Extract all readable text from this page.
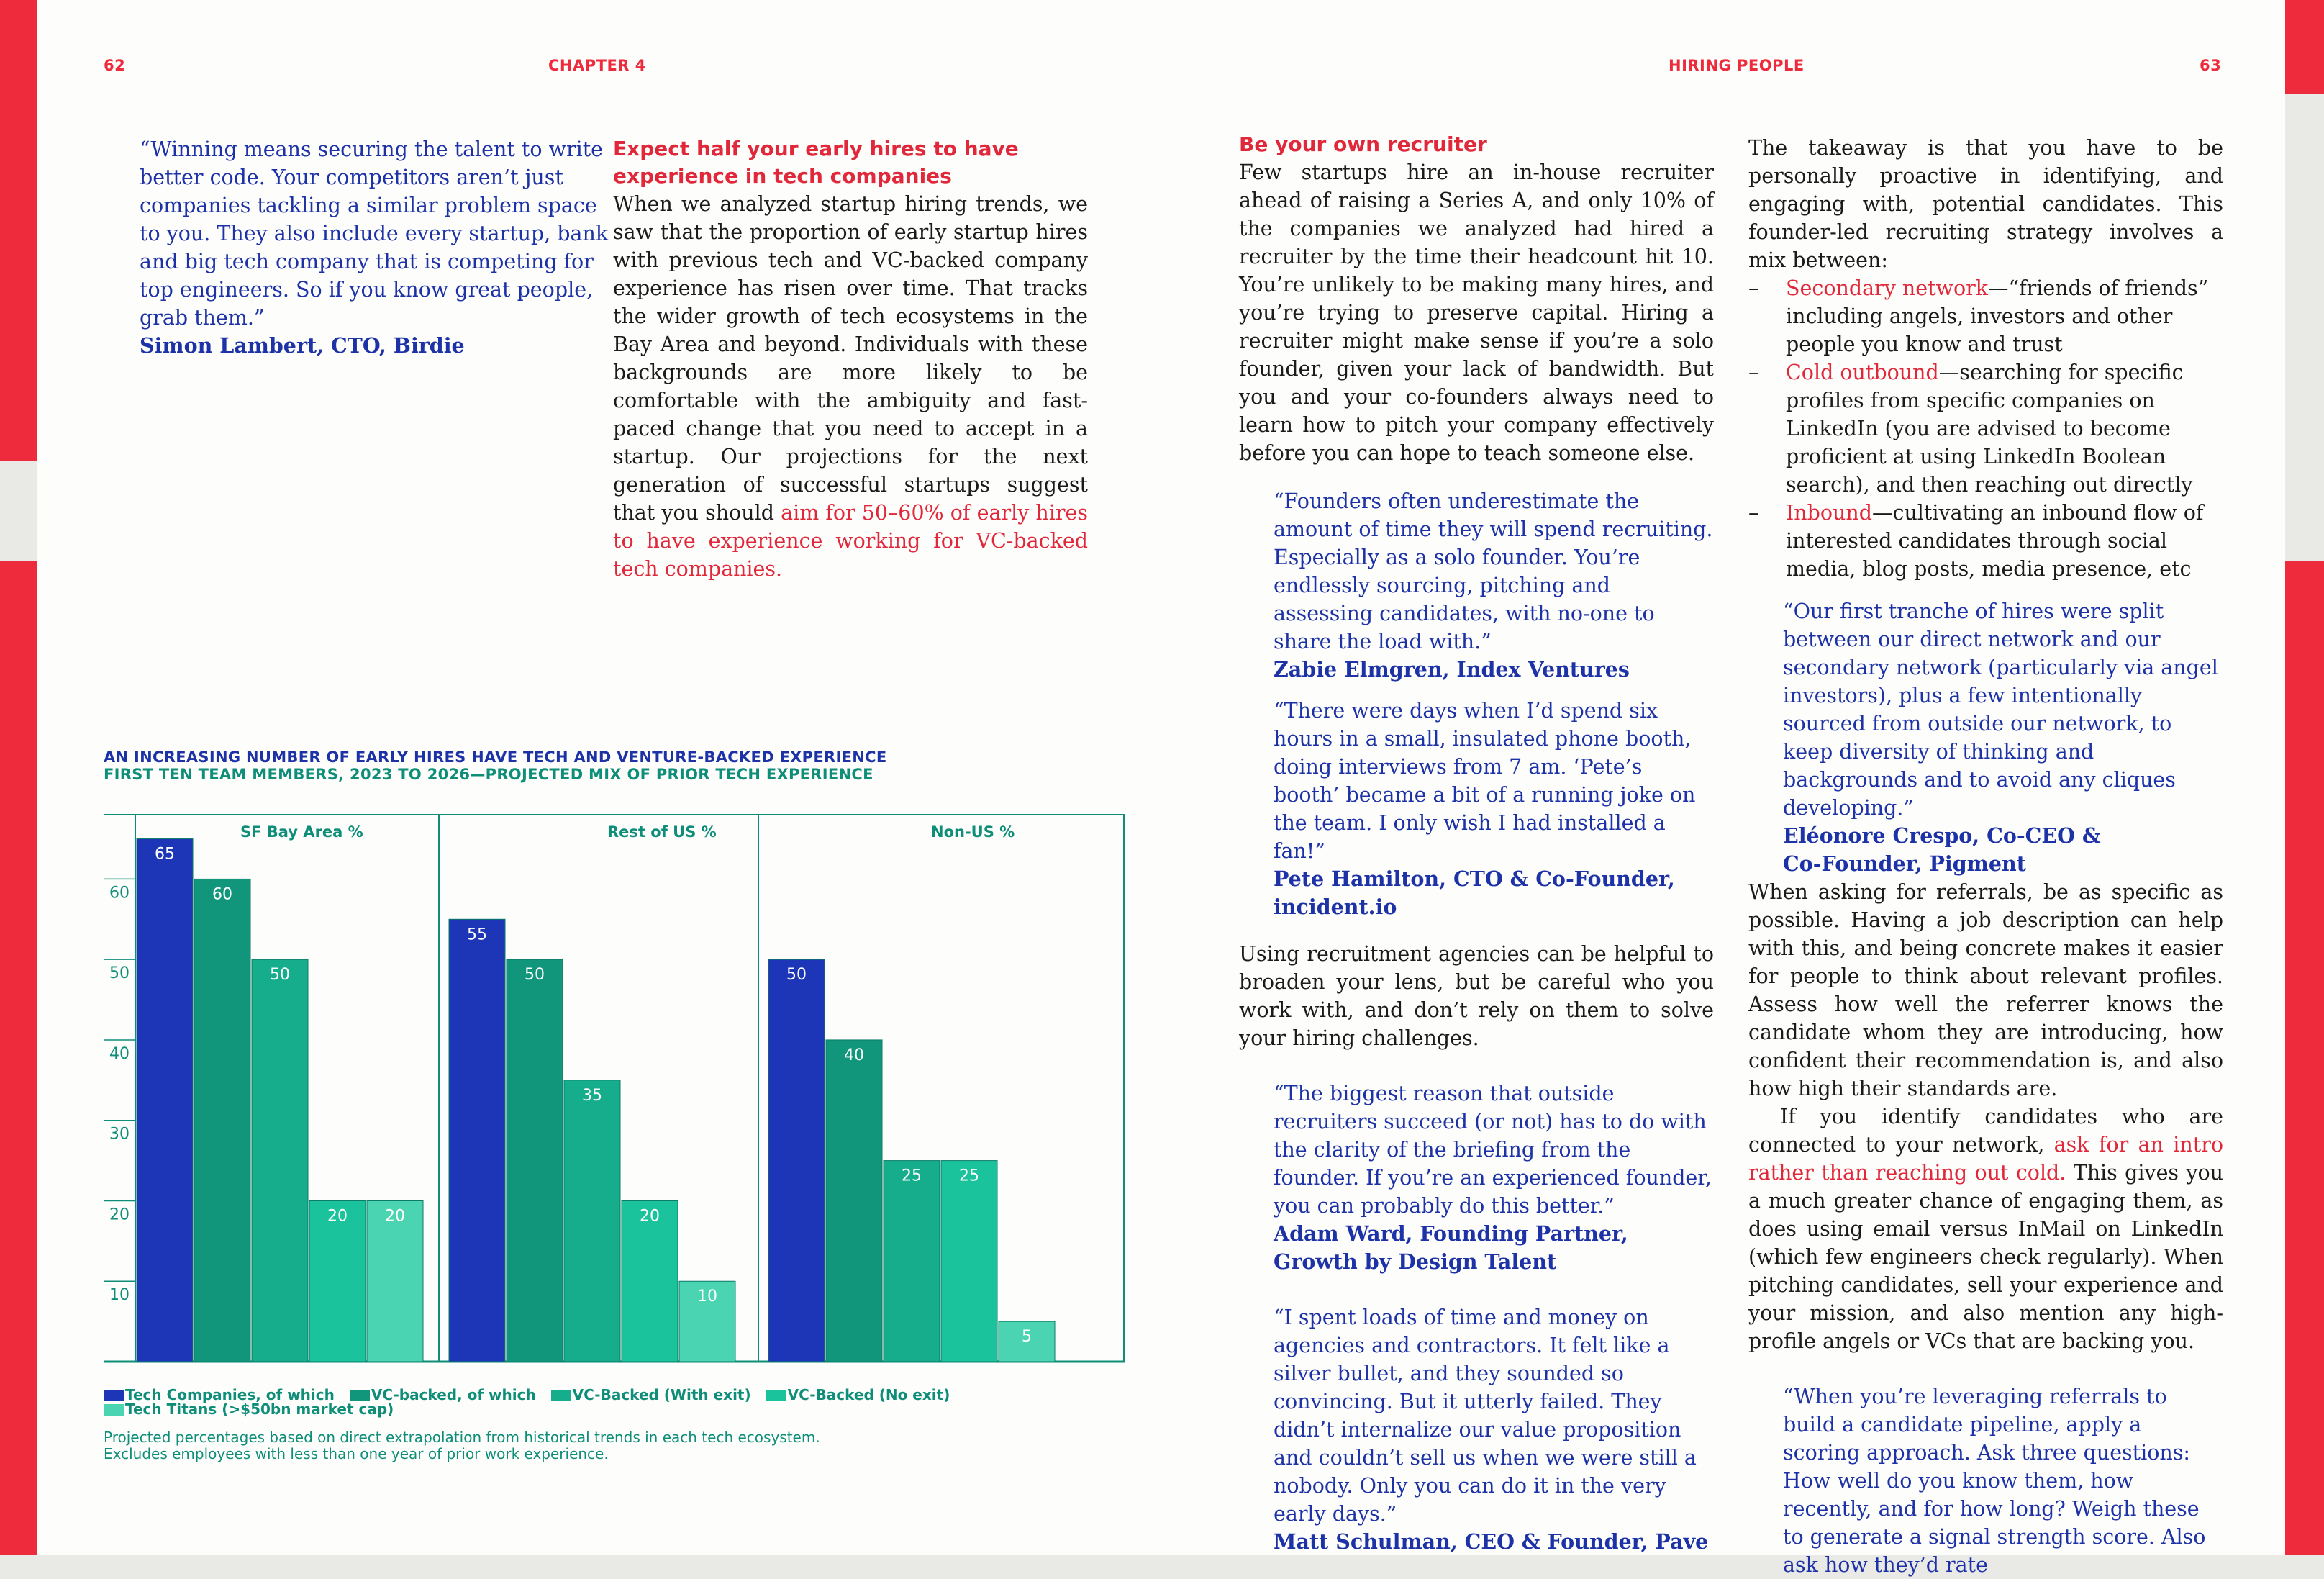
62	CHAPTER 4

“Winning means securing the talent to write better code. Your competitors aren’t just companies tackling a similar problem space to you. They also include every startup, bank and big tech company that is competing for top engineers. So if you know great people, grab them.”

Simon Lambert, CTO, Birdie

Expect half your early hires to have
experience in tech companies

When we analyzed startup hiring trends, we saw that the proportion of early startup hires with previous tech and VC-backed company experience has risen over time. That tracks the wider growth of tech ecosystems in the Bay Area and beyond. Individuals with these backgrounds are more likely to be comfortable with the ambiguity and fast-paced change that you need to accept in a startup. Our projections for the next generation of successful startups suggest that you should aim for 50–60% of early hires to have experience working for VC-backed tech companies.

AN INCREASING NUMBER OF EARLY HIRES HAVE TECH AND VENTURE-BACKED EXPERIENCE
FIRST TEN TEAM MEMBERS, 2023 TO 2026—PROJECTED MIX OF PRIOR TECH EXPERIENCE
10
20
30
40
50
60
SF Bay Area %	Rest of US %	Non-US %
65
60
50
20 20
55
50
35
20
10
50
40
25 25
5
Tech Companies, of which	VC-backed, of which	VC-Backed (With exit)	VC-Backed (No exit)
Tech Titans (>$50bn market cap)
Projected percentages based on direct extrapolation from historical trends in each tech ecosystem.
Excludes employees with less than one year of prior work experience.
HIRING PEOPLE	63

Be your own recruiter

Few startups hire an in-house recruiter ahead of raising a Series A, and only 10% of the companies we analyzed had hired a recruiter by the time their headcount hit 10. You’re unlikely to be making many hires, and you’re trying to preserve capital. Hiring a recruiter might make sense if you’re a solo founder, given your lack of bandwidth. But you and your co-founders always need to learn how to pitch your company effectively before you can hope to teach someone else.

“Founders often underestimate the amount of time they will spend recruiting. Especially as a solo founder. You’re endlessly sourcing, pitching and assessing candidates, with no-one to share the load with.”

Zabie Elmgren, Index Ventures

“There were days when I’d spend six hours in a small, insulated phone booth, doing interviews from 7 am. ‘Pete’s booth’ became a bit of a running joke on the team. I only wish I had installed a fan!”

Pete Hamilton, CTO & Co-Founder,
incident.io

Using recruitment agencies can be helpful to broaden your lens, but be careful who you work with, and don’t rely on them to solve your hiring challenges.

“The biggest reason that outside recruiters succeed (or not) has to do with the clarity of the briefing from the founder. If you’re an experienced founder, you can probably do this better.”

Adam Ward, Founding Partner,
Growth by Design Talent

“I spent loads of time and money on agencies and contractors. It felt like a silver bullet, and they sounded so convincing. But it utterly failed. They didn’t internalize our value proposition and couldn’t sell us when we were still a nobody. Only you can do it in the very early days.”

Matt Schulman, CEO & Founder, Pave

The takeaway is that you have to be personally proactive in identifying, and engaging with, potential candidates. This founder-led recruiting strategy involves a mix between:

– Secondary network—“friends of friends” including angels, investors and other people you know and trust

– Cold outbound—searching for specific profiles from specific companies on LinkedIn (you are advised to become proficient at using LinkedIn Boolean search), and then reaching out directly

– Inbound—cultivating an inbound flow of interested candidates through social media, blog posts, media presence, etc

“Our first tranche of hires were split between our direct network and our secondary network (particularly via angel investors), plus a few intentionally sourced from outside our network, to keep diversity of thinking and backgrounds and to avoid any cliques developing.”

Eléonore Crespo, Co-CEO &
Co-Founder, Pigment

When asking for referrals, be as specific as possible. Having a job description can help with this, and being concrete makes it easier for people to think about relevant profiles. Assess how well the referrer knows the candidate whom they are introducing, how confident their recommendation is, and also how high their standards are.

If you identify candidates who are connected to your network, ask for an intro rather than reaching out cold. This gives you a much greater chance of engaging them, as does using email versus InMail on LinkedIn (which few engineers check regularly). When pitching candidates, sell your experience and your mission, and also mention any high-profile angels or VCs that are backing you.

“When you’re leveraging referrals to build a candidate pipeline, apply a scoring approach. Ask three questions: How well do you know them, how recently, and for how long? Weigh these to generate a signal strength score. Also ask how they’d rate
